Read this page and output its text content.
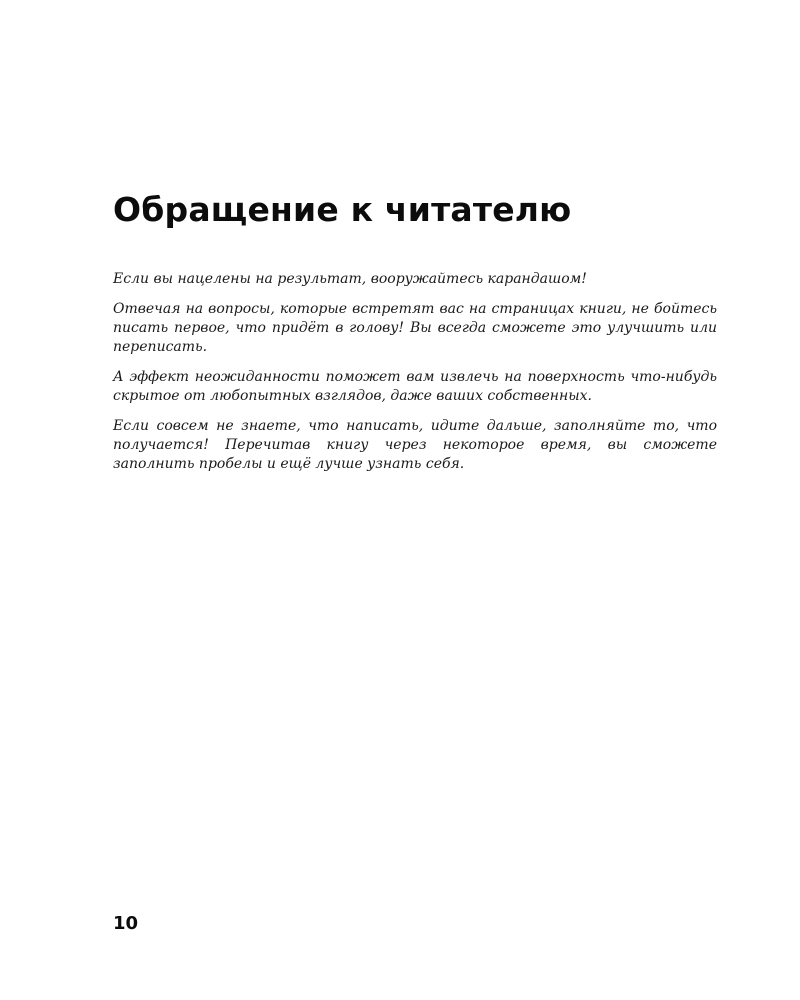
Обращение к читателю

Если вы нацелены на результат, вооружайтесь карандашом!

Отвечая на вопросы, которые встретят вас на страницах книги, не бойтесь писать первое, что придёт в голову! Вы всегда сможете это улучшить или переписать.

А эффект неожиданности поможет вам извлечь на поверхность что-нибудь скрытое от любопытных взглядов, даже ваших собственных.

Если совсем не знаете, что написать, идите дальше, заполняйте то, что получается! Перечитав книгу через некоторое время, вы сможете заполнить пробелы и ещё лучше узнать себя.

10
